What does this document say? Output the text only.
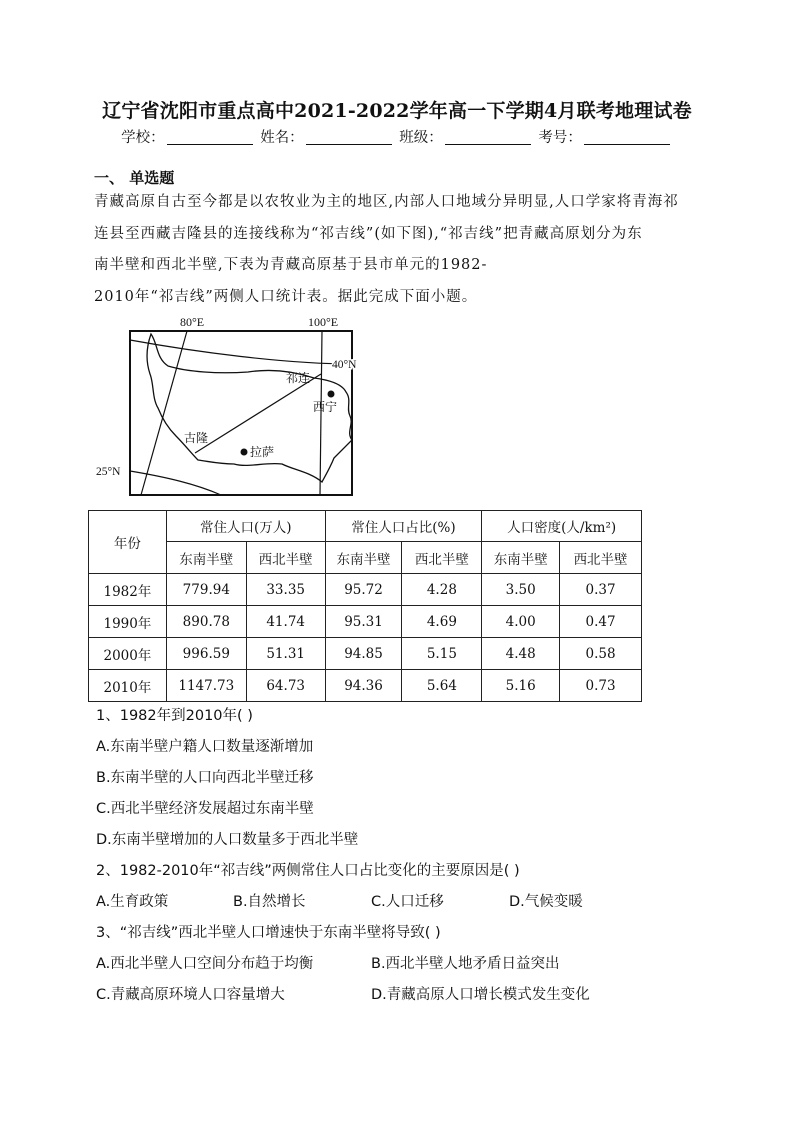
辽宁省沈阳市重点高中2021-2022学年高一下学期4月联考地理试卷
学校：	姓名：	班级：	考号：
一、 单选题
青藏高原自古至今都是以农牧业为主的地区,内部人口地域分异明显,人口学家将青海祁
连县至西藏吉隆县的连接线称为“祁吉线”(如下图),“祁吉线”把青藏高原划分为东
南半壁和西北半壁,下表为青藏高原基于县市单元的1982-
2010年“祁吉线”两侧人口统计表。据此完成下面小题。
80°E	100°E
40°N
25°N
祁连
西宁
古隆
拉萨
年份	常住人口(万人)		常住人口占比(%)		人口密度(人/km²)	
	东南半壁	西北半壁	东南半壁	西北半壁	东南半壁	西北半壁
1982年	779.94	33.35	95.72	4.28	3.50	0.37
1990年	890.78	41.74	95.31	4.69	4.00	0.47
2000年	996.59	51.31	94.85	5.15	4.48	0.58
2010年	1147.73	64.73	94.36	5.64	5.16	0.73
1、1982年到2010年( )
A.东南半壁户籍人口数量逐渐增加
B.东南半壁的人口向西北半壁迁移
C.西北半壁经济发展超过东南半壁
D.东南半壁增加的人口数量多于西北半壁
2、1982-2010年“祁吉线”两侧常住人口占比变化的主要原因是( )
A.生育政策	B.自然增长	C.人口迁移	D.气候变暖
3、“祁吉线”西北半壁人口增速快于东南半壁将导致( )
A.西北半壁人口空间分布趋于均衡	B.西北半壁人地矛盾日益突出
C.青藏高原环境人口容量增大	D.青藏高原人口增长模式发生变化
